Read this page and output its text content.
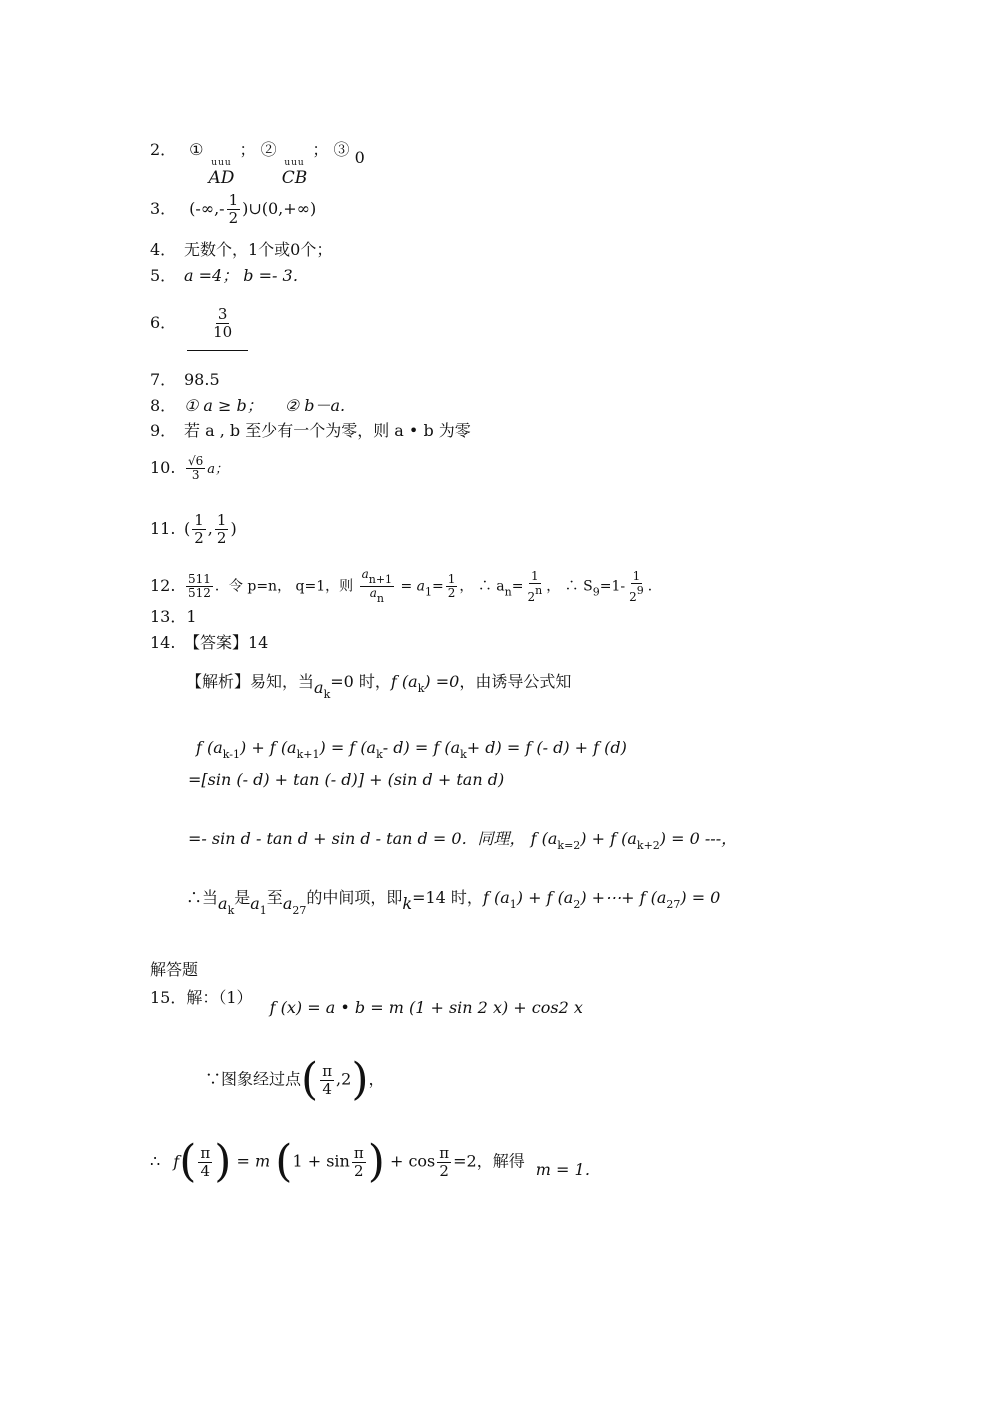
2． ①
uuu
AD
； ②
uuu
CB
； ③ 0
3． (-∞,- $\frac{1}{2}$ )∪(0,+∞)
4． 无数个，1个或0个；
5． a =4； b =- 3．
6． $\frac{3}{10}$
7． 98.5
8． ① a ≥ b； ② b－a.
9． 若 a , b 至少有一个为零，则 a • b 为零
10. $\frac{√6}{3}$ a；
11. ( $\frac{1}{2}$ , $\frac{1}{2}$ )
12. $\frac{511}{512}$ ．令 p=n， q=1，则 $\frac{an+1}{an} = a_1= \frac{1}{2}$ ， ∴ $a_n= \frac{1}{2n}$ ， ∴ $S_9=1- \frac{1}{29}$ ．
13．1
14. 【答案】14
【解析】易知，当$a_k=0$ 时，f $(a_k) =0$，由诱导公式知
f $(a_{k-1}) + f$ $(a_{k+1}) = f$ ($a_k-$ d) = f $(a_k+ d) = f$ (- d) + f (d)
=[sin (- d) + tan (- d)] + (sin d + tan d)
=- sin d - tan d + sin d - tan d = 0．同理， f $(a_{k=2}) + f$ $(a_{k+2}) = 0$ ---，
∴当$a_k$是$a_1$至$a_{27}$的中间项，即k=14 时，f $(a_1) + f$ $(a_2)$ +⋯+ f $(a_{27}) = 0$
解答题
15．解：（1） f (x) = a • b = m (1 + sin 2 x) + cos2 x
∵图象经过点( $\frac{\pi}{4} ,2$)，
∴ $f( \frac{\pi}{4}$ ) = m ($1 + \sin \frac{\pi}{2}$ ) + $\cos \frac{\pi}{2} =2$，解得 m = 1．
